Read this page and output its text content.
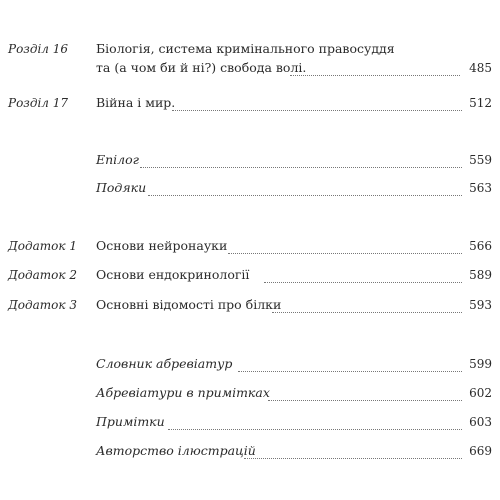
Розділ 16 Біологія, система кримінального правосуддя
та (а чом би й ні?) свобода волі.	485
Розділ 17 Війна і мир.	512
Епілог	559
Подяки	563
Додаток 1 Основи нейронауки	566
Додаток 2 Основи ендокринології	589
Додаток 3 Основні відомості про білки	593
Словник абревіатур	599
Абревіатури в примітках	602
Примітки	603
Авторство ілюстрацій	669
